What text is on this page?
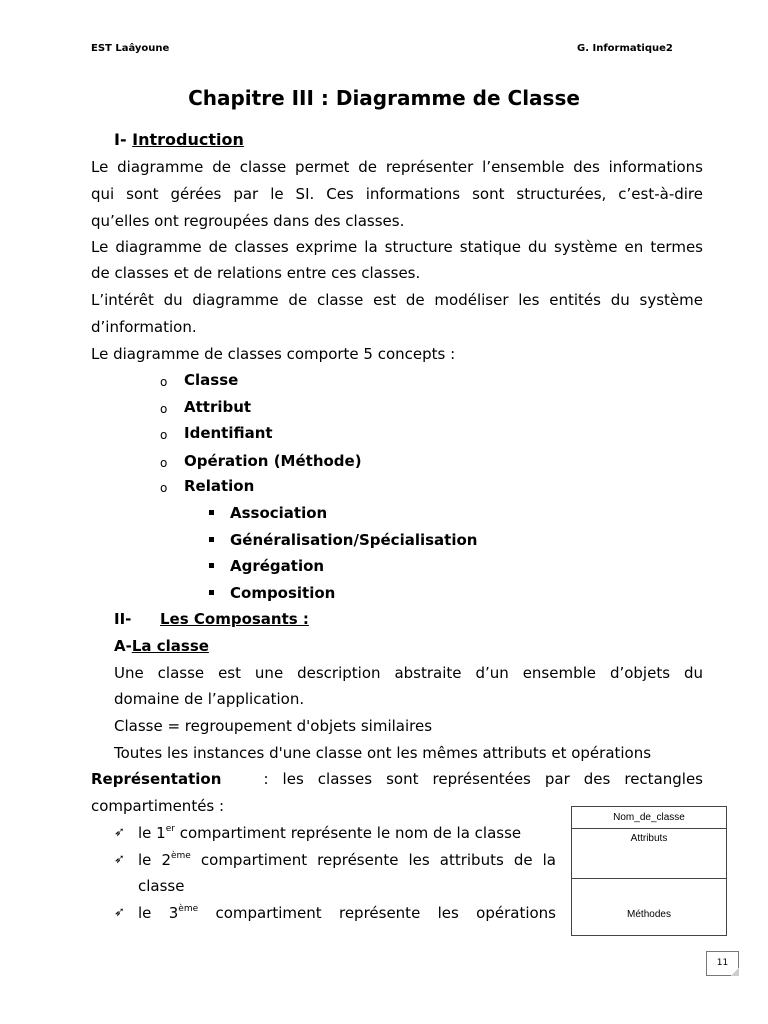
EST Laâyoune	G. Informatique2
Chapitre III : Diagramme de Classe
I- Introduction
Le diagramme de classe permet de représenter l’ensemble des informations
qui sont gérées par le SI. Ces informations sont structurées, c’est-à-dire
qu’elles ont regroupées dans des classes.
Le diagramme de classes exprime la structure statique du système en termes
de classes et de relations entre ces classes.
L’intérêt du diagramme de classe est de modéliser les entités du système
d’information.
Le diagramme de classes comporte 5 concepts :
o Classe
o Attribut
o Identifiant
o Opération (Méthode)
o Relation
Association
Généralisation/Spécialisation
Agrégation
Composition
II- Les Composants :
A-La classe
Une classe est une description abstraite d’un ensemble d’objets du
domaine de l’application.
Classe = regroupement d'objets similaires
Toutes les instances d'une classe ont les mêmes attributs et opérations
Représentation	: les classes sont représentées par des rectangles
compartimentés :
➶ le 1er compartiment représente le nom de la classe
➶ le 2ème compartiment représente les attributs de la
classe
➶ le 3ème compartiment représente les opérations
Nom_de_classe
Attributs
Méthodes
11
